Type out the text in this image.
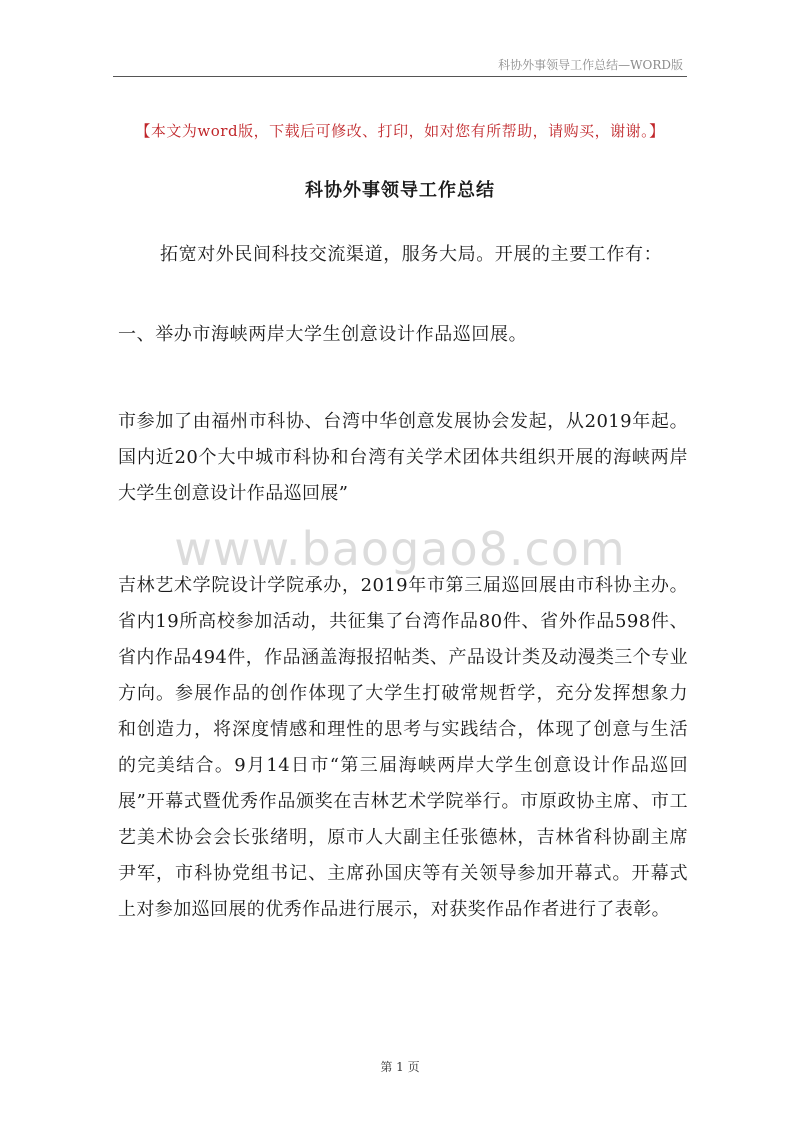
科协外事领导工作总结—WORD版
【本文为word版，下载后可修改、打印，如对您有所帮助，请购买，谢谢。】
科协外事领导工作总结
拓宽对外民间科技交流渠道，服务大局。开展的主要工作有：
一、举办市海峡两岸大学生创意设计作品巡回展。
www.baogao8.com

市参加了由福州市科协、台湾中华创意发展协会发起，从2019年起。国内近20个大中城市科协和台湾有关学术团体共组织开展的海峡两岸大学生创意设计作品巡回展”

吉林艺术学院设计学院承办，2019年市第三届巡回展由市科协主办。省内19所高校参加活动，共征集了台湾作品80件、省外作品598件、省内作品494件，作品涵盖海报招帖类、产品设计类及动漫类三个专业方向。参展作品的创作体现了大学生打破常规哲学，充分发挥想象力和创造力，将深度情感和理性的思考与实践结合，体现了创意与生活的完美结合。9月14日市“第三届海峡两岸大学生创意设计作品巡回展”开幕式暨优秀作品颁奖在吉林艺术学院举行。市原政协主席、市工艺美术协会会长张绪明，原市人大副主任张德林，吉林省科协副主席尹军，市科协党组书记、主席孙国庆等有关领导参加开幕式。开幕式上对参加巡回展的优秀作品进行展示，对获奖作品作者进行了表彰。

第 1 页
